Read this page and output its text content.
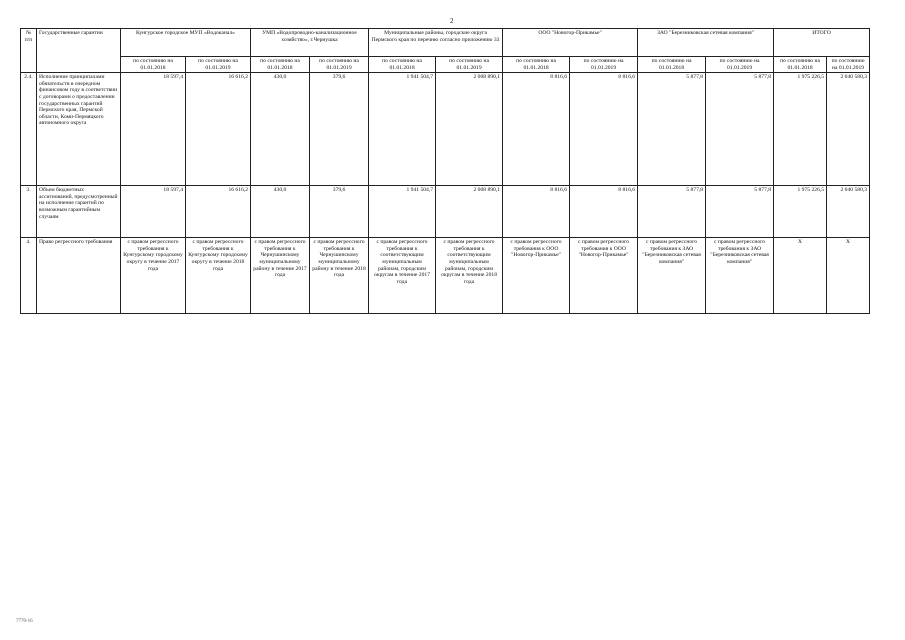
2
№ п/п	Государственные гарантии	Кунгурское городское МУП «Водоканал»		УМП «Водопроводно-канализационное хозяйство», г.Чернушка		Муниципальные районы, городские округа Пермского края по перечню согласно приложению 33		ООО "Новогор-Прикамье"		ЗАО "Березниковская сетевая компания"		ИТОГО	
		по состоянию на 01.01.2018	по состоянию на 01.01.2019	по состоянию на 01.01.2018	по состоянию на 01.01.2019	по состоянию на 01.01.2018	по состоянию на 01.01.2019	по состоянию на 01.01.2018	по состоянию на 01.01.2019	по состоянию на 01.01.2018	по состоянию на 01.01.2019	по состоянию на 01.01.2018	по состоянию на 01.01.2019
2.4.	Исполнение принципалами обязательств в очередном финансовом году в соответствии с договорами о предоставлении государственных гарантий Пермского края, Пермской области, Коми-Пермяцкого автономного округа	18 597,4	16 616,2	430,0	379,6	1 941 504,7	2 008 890,1	8 816,6	8 816,6	5 877,8	5 877,8	1 975 226,5	2 040 580,3
3.	Объем бюджетных ассигнований, предусмотренный на исполнение гарантий по возможным гарантийным случаям	18 597,4	16 616,2	430,0	379,6	1 941 504,7	2 008 890,1	8 816,6	8 816,6	5 877,8	5 877,8	1 975 226,5	2 040 580,3
4.	Право регрессного требования	с правом регрессного требования к Кунгурскому городскому округу в течение 2017 года	с правом регрессного требования к Кунгурскому городскому округу в течение 2018 года	с правом регрессного требования к Чернушинскому муниципальному району в течение 2017 года	с правом регрессного требования к Чернушинскому муниципальному району в течение 2018 года	с правом регрессного требования к соответствующим муниципальным районам, городским округам в течение 2017 года	с правом регрессного требования к соответствующим муниципальным районам, городским округам в течение 2018 года	с правом регрессного требования к ООО "Новогор-Прикамье"	с правом регрессного требования к ООО "Новогор-Прикамье"	с правом регрессного требования к ЗАО "Березниковская сетевая компания"	с правом регрессного требования к ЗАО "Березниковская сетевая компания"	X	X
7770-16
